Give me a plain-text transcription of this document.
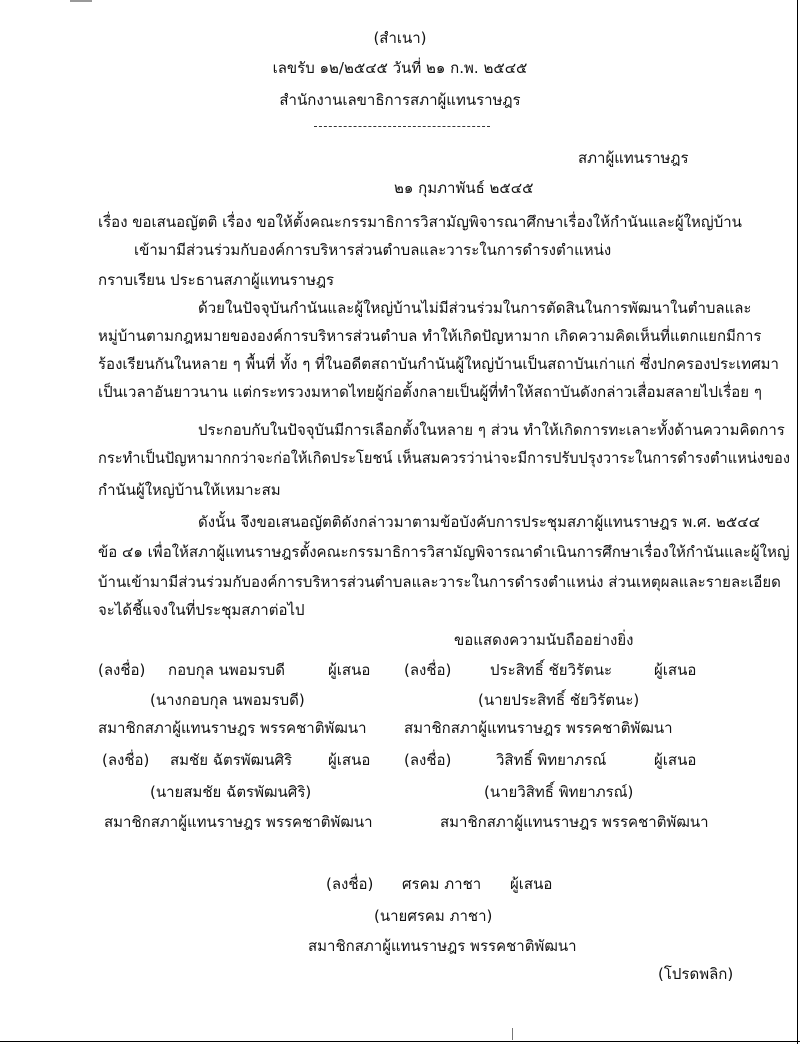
(สำเนา)
เลขรับ ๑๒/๒๕๔๕ วันที่ ๒๑ ก.พ. ๒๕๔๕
สำนักงานเลขาธิการสภาผู้แทนราษฎร
สภาผู้แทนราษฎร
๒๑ กุมภาพันธ์ ๒๕๔๕
เรื่อง ขอเสนอญัตติ เรื่อง ขอให้ตั้งคณะกรรมาธิการวิสามัญพิจารณาศึกษาเรื่องให้กำนันและผู้ใหญ่บ้าน
เข้ามามีส่วนร่วมกับองค์การบริหารส่วนตำบลและวาระในการดำรงตำแหน่ง
กราบเรียน ประธานสภาผู้แทนราษฎร
ด้วยในปัจจุบันกำนันและผู้ใหญ่บ้านไม่มีส่วนร่วมในการตัดสินในการพัฒนาในตำบลและ
หมู่บ้านตามกฎหมายขององค์การบริหารส่วนตำบล ทำให้เกิดปัญหามาก เกิดความคิดเห็นที่แตกแยกมีการ
ร้องเรียนกันในหลาย ๆ พื้นที่ ทั้ง ๆ ที่ในอดีตสถาบันกำนันผู้ใหญ่บ้านเป็นสถาบันเก่าแก่ ซึ่งปกครองประเทศมา
เป็นเวลาอันยาวนาน แต่กระทรวงมหาดไทยผู้ก่อตั้งกลายเป็นผู้ที่ทำให้สถาบันดังกล่าวเสื่อมสลายไปเรื่อย ๆ
ประกอบกับในปัจจุบันมีการเลือกตั้งในหลาย ๆ ส่วน ทำให้เกิดการทะเลาะทั้งด้านความคิดการ
กระทำเป็นปัญหามากกว่าจะก่อให้เกิดประโยชน์ เห็นสมควรว่าน่าจะมีการปรับปรุงวาระในการดำรงตำแหน่งของ
กำนันผู้ใหญ่บ้านให้เหมาะสม
ดังนั้น จึงขอเสนอญัตติดังกล่าวมาตามข้อบังคับการประชุมสภาผู้แทนราษฎร พ.ศ. ๒๕๔๔
ข้อ ๔๑ เพื่อให้สภาผู้แทนราษฎรตั้งคณะกรรมาธิการวิสามัญพิจารณาดำเนินการศึกษาเรื่องให้กำนันและผู้ใหญ่
บ้านเข้ามามีส่วนร่วมกับองค์การบริหารส่วนตำบลและวาระในการดำรงตำแหน่ง ส่วนเหตุผลและรายละเอียด
จะได้ชี้แจงในที่ประชุมสภาต่อไป
ขอแสดงความนับถืออย่างยิ่ง
(ลงชื่อ) กอบกุล นพอมรบดี	ผู้เสนอ (ลงชื่อ)	ประสิทธิ์ ชัยวิรัตนะ	ผู้เสนอ
(นางกอบกุล นพอมรบดี)	(นายประสิทธิ์ ชัยวิรัตนะ)
สมาชิกสภาผู้แทนราษฎร พรรคชาติพัฒนา สมาชิกสภาผู้แทนราษฎร พรรคชาติพัฒนา
(ลงชื่อ) สมชัย ฉัตรพัฒนศิริ ผู้เสนอ (ลงชื่อ)	วิสิทธิ์ พิทยาภรณ์	ผู้เสนอ
(นายสมชัย ฉัตรพัฒนศิริ)	(นายวิสิทธิ์ พิทยาภรณ์)
สมาชิกสภาผู้แทนราษฎร พรรคชาติพัฒนา	สมาชิกสภาผู้แทนราษฎร พรรคชาติพัฒนา
(ลงชื่อ) ศรคม ภาชา ผู้เสนอ
(นายศรคม ภาชา)
สมาชิกสภาผู้แทนราษฎร พรรคชาติพัฒนา
(โปรดพลิก)
